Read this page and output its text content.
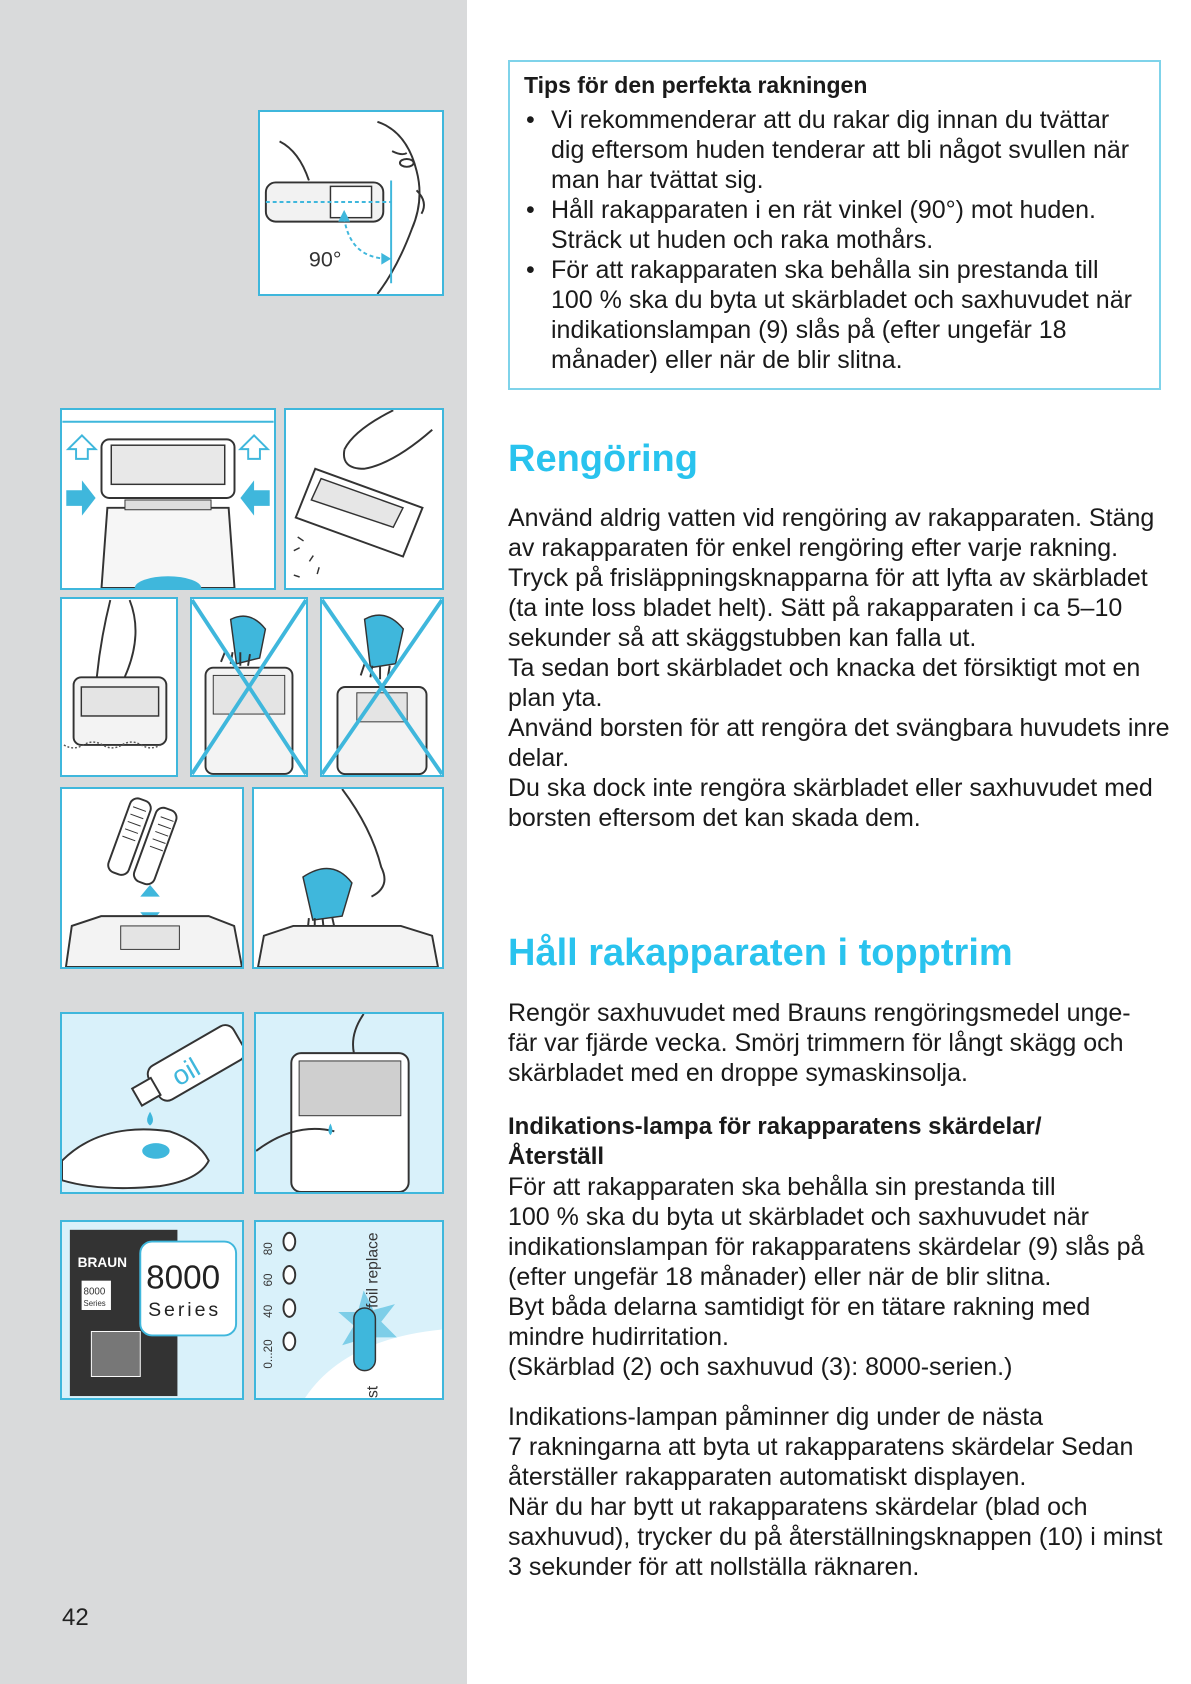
90°
oil
BRAUN
8000
Series
8000
Series
0...20
40
60
80	foil replace
st
42

Tips för den perfekta rakningen

• Vi rekommenderar att du rakar dig innan du tvättar dig eftersom huden tenderar att bli något svullen när man har tvättat sig.
• Håll rakapparaten i en rät vinkel (90°) mot huden. Sträck ut huden och raka mothårs.
• För att rakapparaten ska behålla sin prestanda till 100 % ska du byta ut skärbladet och saxhuvudet när indikationslampan (9) slås på (efter ungefär 18 månader) eller när de blir slitna.
Rengöring

Använd aldrig vatten vid rengöring av rakapparaten. Stäng av rakapparaten för enkel rengöring efter varje rakning. Tryck på frisläppningsknapparna för att lyfta av skärbladet (ta inte loss bladet helt). Sätt på rakapparaten i ca 5–10 sekunder så att skäggstubben kan falla ut.
Ta sedan bort skärbladet och knacka det försiktigt mot en plan yta.
Använd borsten för att rengöra det svängbara huvudets inre delar.
Du ska dock inte rengöra skärbladet eller saxhuvudet med borsten eftersom det kan skada dem.

Håll rakapparaten i topptrim

Rengör saxhuvudet med Brauns rengöringsmedel unge-
fär var fjärde vecka. Smörj trimmern för långt skägg och skärbladet med en droppe symaskinsolja.

Indikations-lampa för rakapparatens skärdelar/
Återställ

För att rakapparaten ska behålla sin prestanda till
100 % ska du byta ut skärbladet och saxhuvudet när indikationslampan för rakapparatens skärdelar (9) slås på (efter ungefär 18 månader) eller när de blir slitna.
Byt båda delarna samtidigt för en tätare rakning med mindre hudirritation.
(Skärblad (2) och saxhuvud (3): 8000-serien.)

Indikations-lampan påminner dig under de nästa
7 rakningarna att byta ut rakapparatens skärdelar Sedan återställer rakapparaten automatiskt displayen.
När du har bytt ut rakapparatens skärdelar (blad och saxhuvud), trycker du på återställningsknappen (10) i minst 3 sekunder för att nollställa räknaren.
